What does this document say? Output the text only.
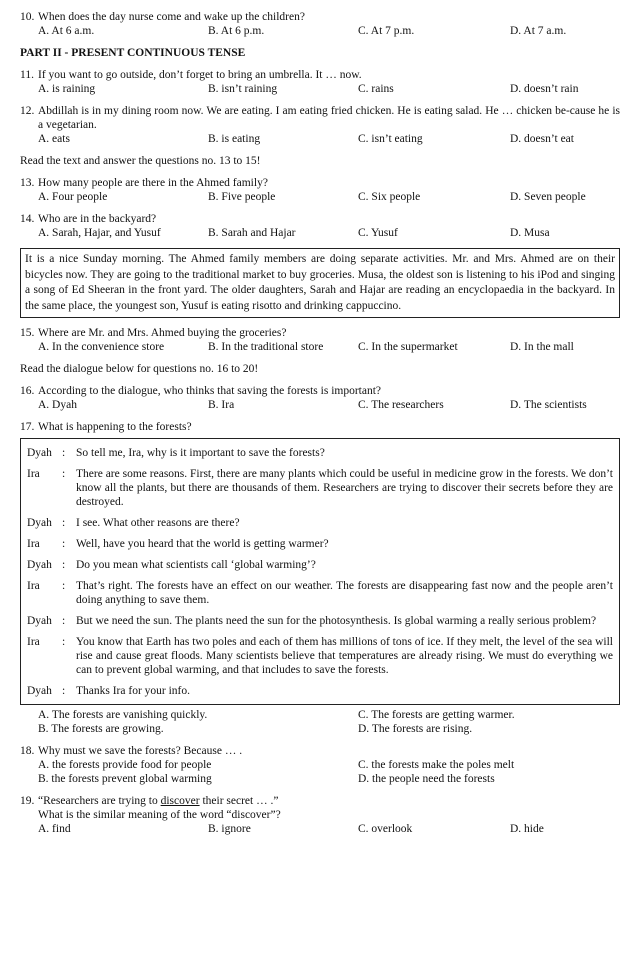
10. When does the day nurse come and wake up the children?
A. At 6 a.m.	B. At 6 p.m.	C. At 7 p.m.	D. At 7 a.m.
PART II - PRESENT CONTINUOUS TENSE
11. If you want to go outside, don’t forget to bring an umbrella. It … now.
A. is raining	B. isn’t raining	C. rains	D. doesn’t rain
12. Abdillah is in my dining room now. We are eating. I am eating fried chicken. He is eating salad. He … chicken be-cause he is a vegetarian.
A. eats	B. is eating	C. isn’t eating	D. doesn’t eat
Read the text and answer the questions no. 13 to 15!
13. How many people are there in the Ahmed family?
A. Four people	B. Five people	C. Six people	D. Seven people
14. Who are in the backyard?
A. Sarah, Hajar, and Yusuf	B. Sarah and Hajar	C. Yusuf	D. Musa
It is a nice Sunday morning. The Ahmed family members are doing separate activities. Mr. and Mrs. Ahmed are on their bicycles now. They are going to the traditional market to buy groceries. Musa, the oldest son is listening to his iPod and singing a song of Ed Sheeran in the front yard. The older daughters, Sarah and Hajar are reading an encyclopaedia in the backyard. In the same place, the youngest son, Yusuf is eating risotto and drinking cappuccino.
15. Where are Mr. and Mrs. Ahmed buying the groceries?
A. In the convenience store	B. In the traditional store	C. In the supermarket	D. In the mall
Read the dialogue below for questions no. 16 to 20!
16. According to the dialogue, who thinks that saving the forests is important?
A. Dyah	B. Ira	C. The researchers	D. The scientists
17. What is happening to the forests?
Dyah : So tell me, Ira, why is it important to save the forests?
Ira	: There are some reasons. First, there are many plants which could be useful in medicine grow in the forests. We don’t know all the plants, but there are thousands of them. Researchers are trying to discover their secrets before they are destroyed.
Dyah : I see. What other reasons are there?
Ira	: Well, have you heard that the world is getting warmer?
Dyah : Do you mean what scientists call ‘global warming’?
Ira	: That’s right. The forests have an effect on our weather. The forests are disappearing fast now and the people aren’t doing anything to save them.
Dyah : But we need the sun. The plants need the sun for the photosynthesis. Is global warming a really serious problem?
Ira	: You know that Earth has two poles and each of them has millions of tons of ice. If they melt, the level of the sea will rise and cause great floods. Many scientists believe that temperatures are already rising. We must do everything we can to prevent global warming, and that includes to save the forests.
Dyah : Thanks Ira for your info.
A. The forests are vanishing quickly.	C. The forests are getting warmer.
B. The forests are growing.	D. The forests are rising.
18. Why must we save the forests? Because … .
A. the forests provide food for people	C. the forests make the poles melt
B. the forests prevent global warming	D. the people need the forests
19. “Researchers are trying to discover their secret … .”
What is the similar meaning of the word “discover”?
A. find	B. ignore	C. overlook	D. hide
